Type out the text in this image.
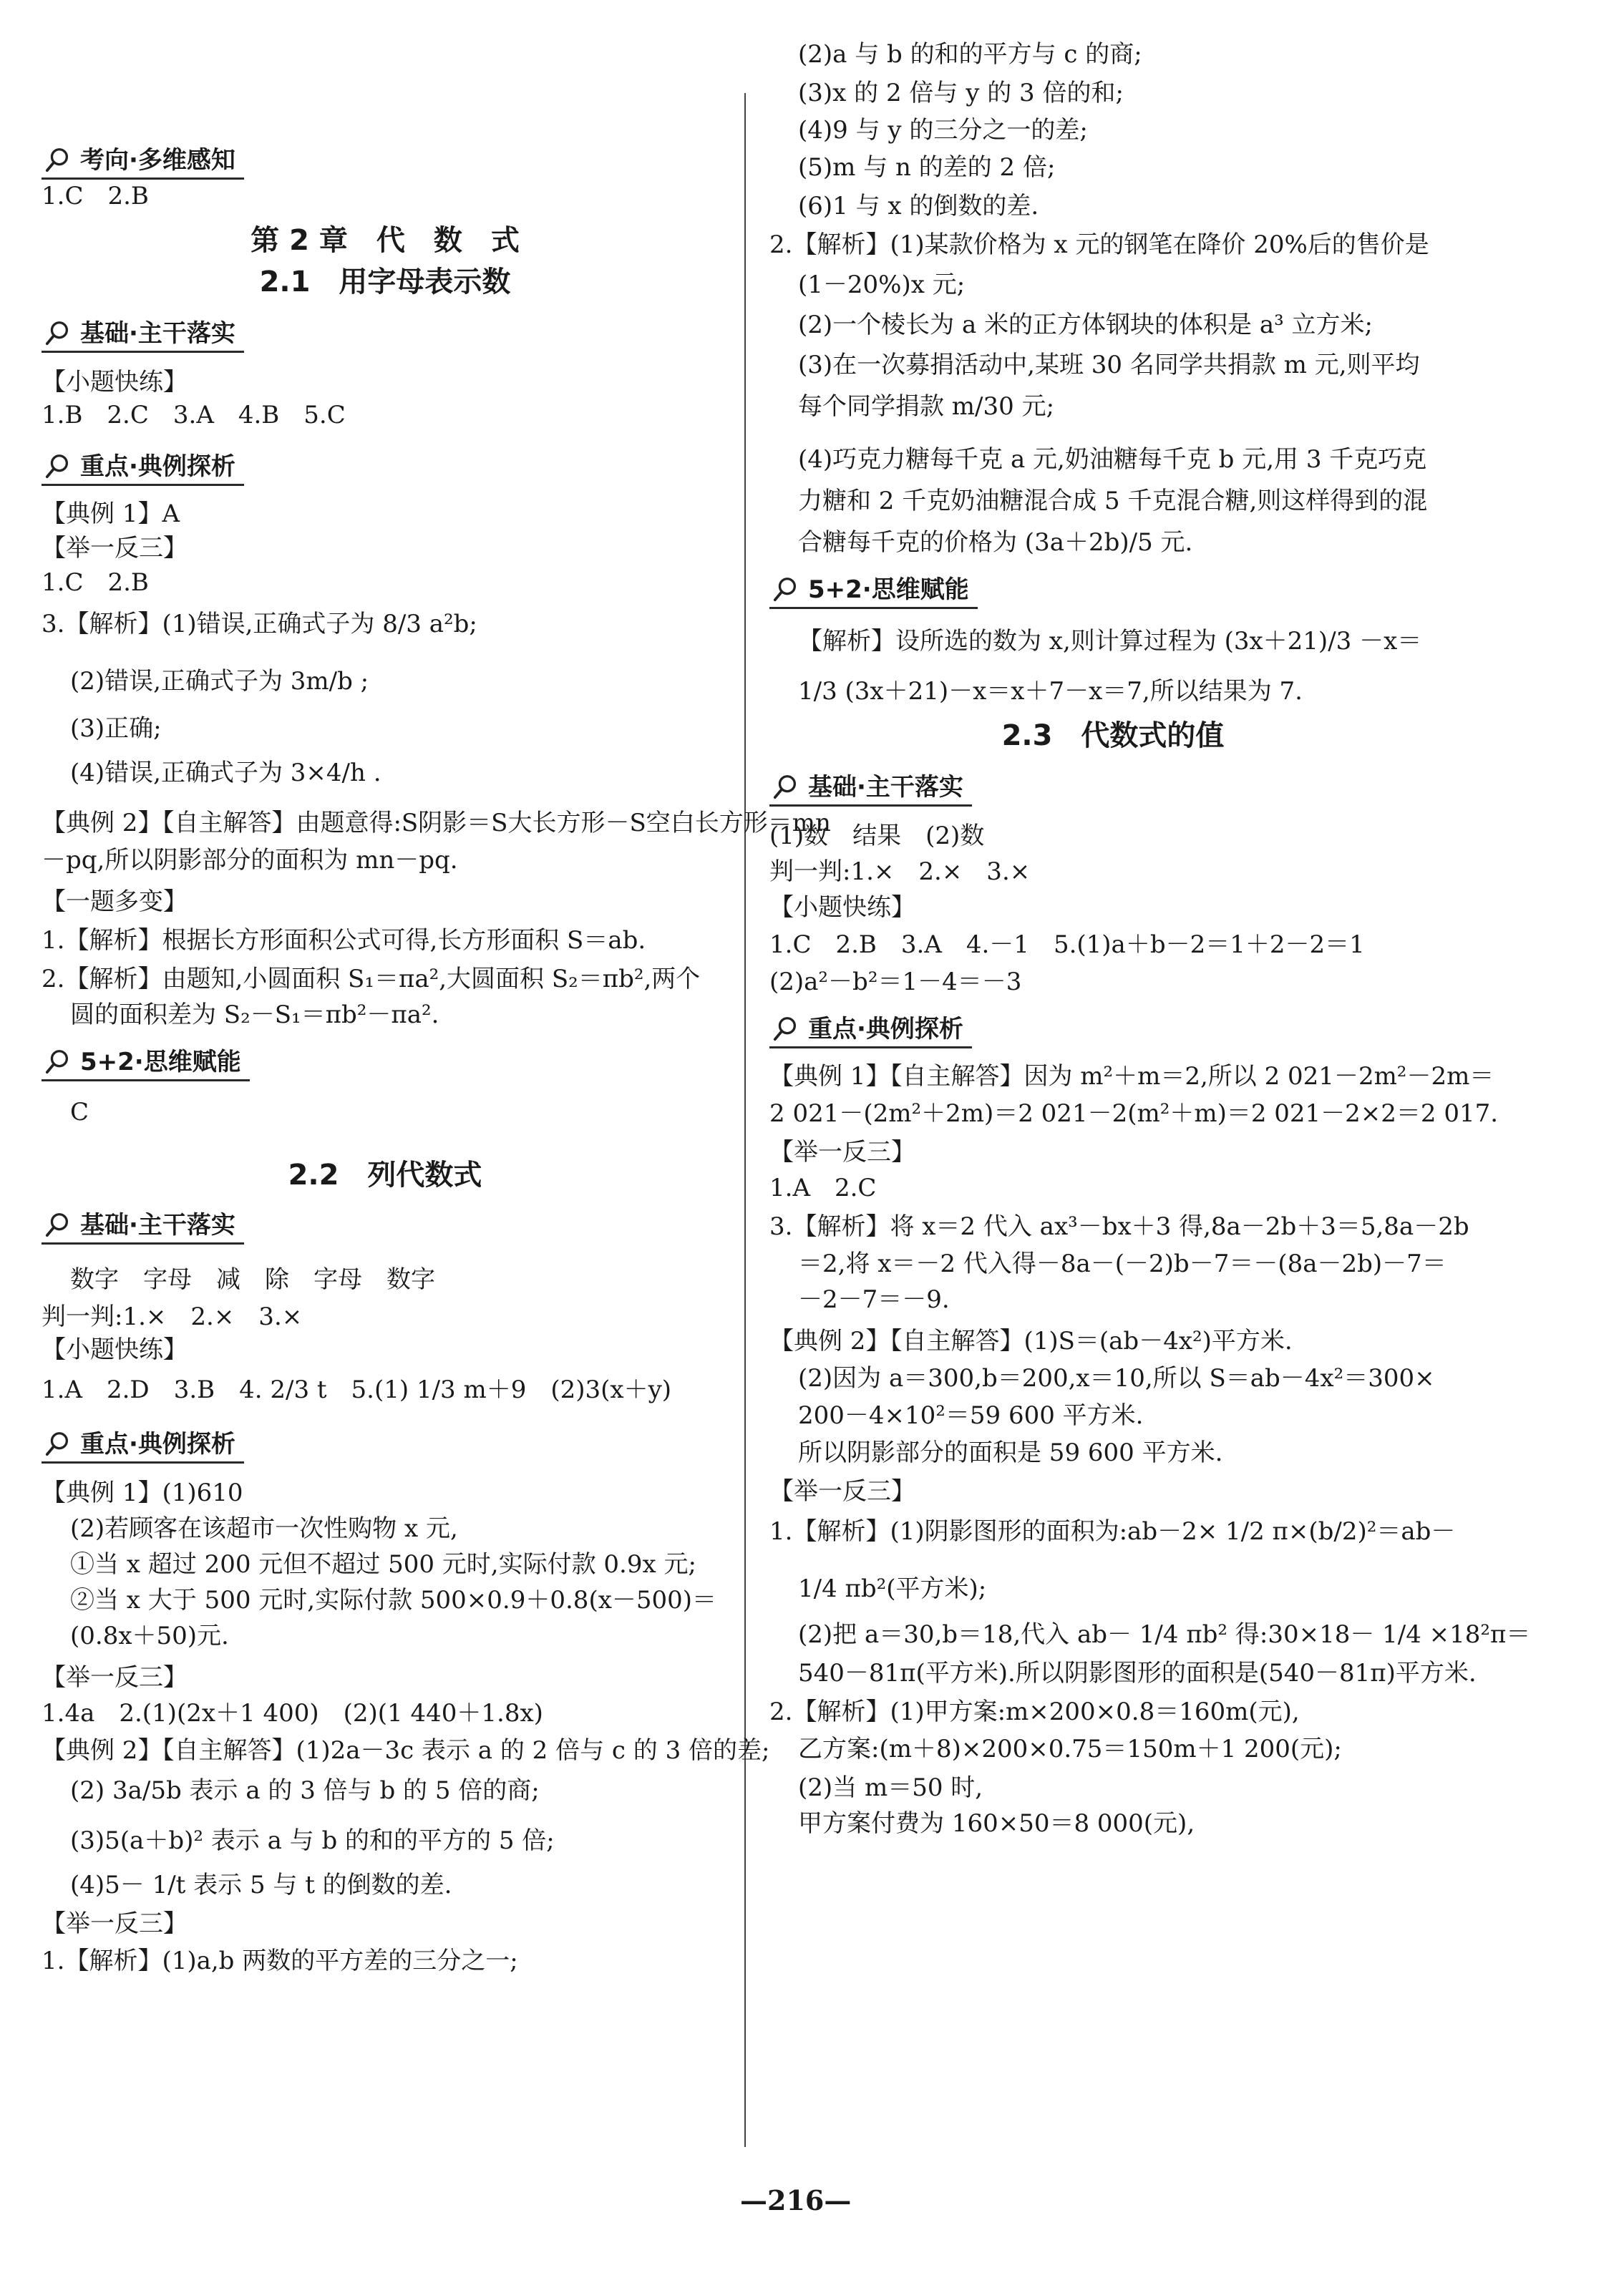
考向·多维感知
1.C　2.B
第 2 章　代　数　式
2.1　用字母表示数
基础·主干落实
【小题快练】
1.B　2.C　3.A　4.B　5.C
重点·典例探析
【典例 1】A
【举一反三】
1.C　2.B
3.【解析】(1)错误,正确式子为 8/3 a²b;
(2)错误,正确式子为 3m/b ;
(3)正确;
(4)错误,正确式子为 3×4/h .
【典例 2】【自主解答】由题意得:S阴影＝S大长方形－S空白长方形＝mn
－pq,所以阴影部分的面积为 mn－pq.
【一题多变】
1.【解析】根据长方形面积公式可得,长方形面积 S＝ab.
2.【解析】由题知,小圆面积 S₁＝πa²,大圆面积 S₂＝πb²,两个
圆的面积差为 S₂－S₁＝πb²－πa².
5+2·思维赋能
C
2.2　列代数式
基础·主干落实
数字　字母　减　除　字母　数字
判一判:1.×　2.×　3.×
【小题快练】
1.A　2.D　3.B　4. 2/3 t　5.(1) 1/3 m＋9　(2)3(x＋y)
重点·典例探析
【典例 1】(1)610
(2)若顾客在该超市一次性购物 x 元,
①当 x 超过 200 元但不超过 500 元时,实际付款 0.9x 元;
②当 x 大于 500 元时,实际付款 500×0.9＋0.8(x－500)＝
(0.8x＋50)元.
【举一反三】
1.4a　2.(1)(2x＋1 400)　(2)(1 440＋1.8x)
【典例 2】【自主解答】(1)2a－3c 表示 a 的 2 倍与 c 的 3 倍的差;
(2) 3a/5b 表示 a 的 3 倍与 b 的 5 倍的商;
(3)5(a＋b)² 表示 a 与 b 的和的平方的 5 倍;
(4)5－ 1/t 表示 5 与 t 的倒数的差.
【举一反三】
1.【解析】(1)a,b 两数的平方差的三分之一;
(2)a 与 b 的和的平方与 c 的商;
(3)x 的 2 倍与 y 的 3 倍的和;
(4)9 与 y 的三分之一的差;
(5)m 与 n 的差的 2 倍;
(6)1 与 x 的倒数的差.
2.【解析】(1)某款价格为 x 元的钢笔在降价 20%后的售价是
(1－20%)x 元;
(2)一个棱长为 a 米的正方体钢块的体积是 a³ 立方米;
(3)在一次募捐活动中,某班 30 名同学共捐款 m 元,则平均
每个同学捐款 m/30 元;
(4)巧克力糖每千克 a 元,奶油糖每千克 b 元,用 3 千克巧克
力糖和 2 千克奶油糖混合成 5 千克混合糖,则这样得到的混
合糖每千克的价格为 (3a＋2b)/5 元.
5+2·思维赋能
【解析】设所选的数为 x,则计算过程为 (3x＋21)/3 －x＝
1/3 (3x＋21)－x＝x＋7－x＝7,所以结果为 7.
2.3　代数式的值
基础·主干落实
(1)数　结果　(2)数
判一判:1.×　2.×　3.×
【小题快练】
1.C　2.B　3.A　4.－1　5.(1)a＋b－2＝1＋2－2＝1
(2)a²－b²＝1－4＝－3
重点·典例探析
【典例 1】【自主解答】因为 m²＋m＝2,所以 2 021－2m²－2m＝
2 021－(2m²＋2m)＝2 021－2(m²＋m)＝2 021－2×2＝2 017.
【举一反三】
1.A　2.C
3.【解析】将 x＝2 代入 ax³－bx＋3 得,8a－2b＋3＝5,8a－2b
＝2,将 x＝－2 代入得－8a－(－2)b－7＝－(8a－2b)－7＝
－2－7＝－9.
【典例 2】【自主解答】(1)S＝(ab－4x²)平方米.
(2)因为 a＝300,b＝200,x＝10,所以 S＝ab－4x²＝300×
200－4×10²＝59 600 平方米.
所以阴影部分的面积是 59 600 平方米.
【举一反三】
1.【解析】(1)阴影图形的面积为:ab－2× 1/2 π×(b/2)²＝ab－
1/4 πb²(平方米);
(2)把 a＝30,b＝18,代入 ab－ 1/4 πb² 得:30×18－ 1/4 ×18²π＝
540－81π(平方米).所以阴影图形的面积是(540－81π)平方米.
2.【解析】(1)甲方案:m×200×0.8＝160m(元),
乙方案:(m＋8)×200×0.75＝150m＋1 200(元);
(2)当 m＝50 时,
甲方案付费为 160×50＝8 000(元),
—216—
